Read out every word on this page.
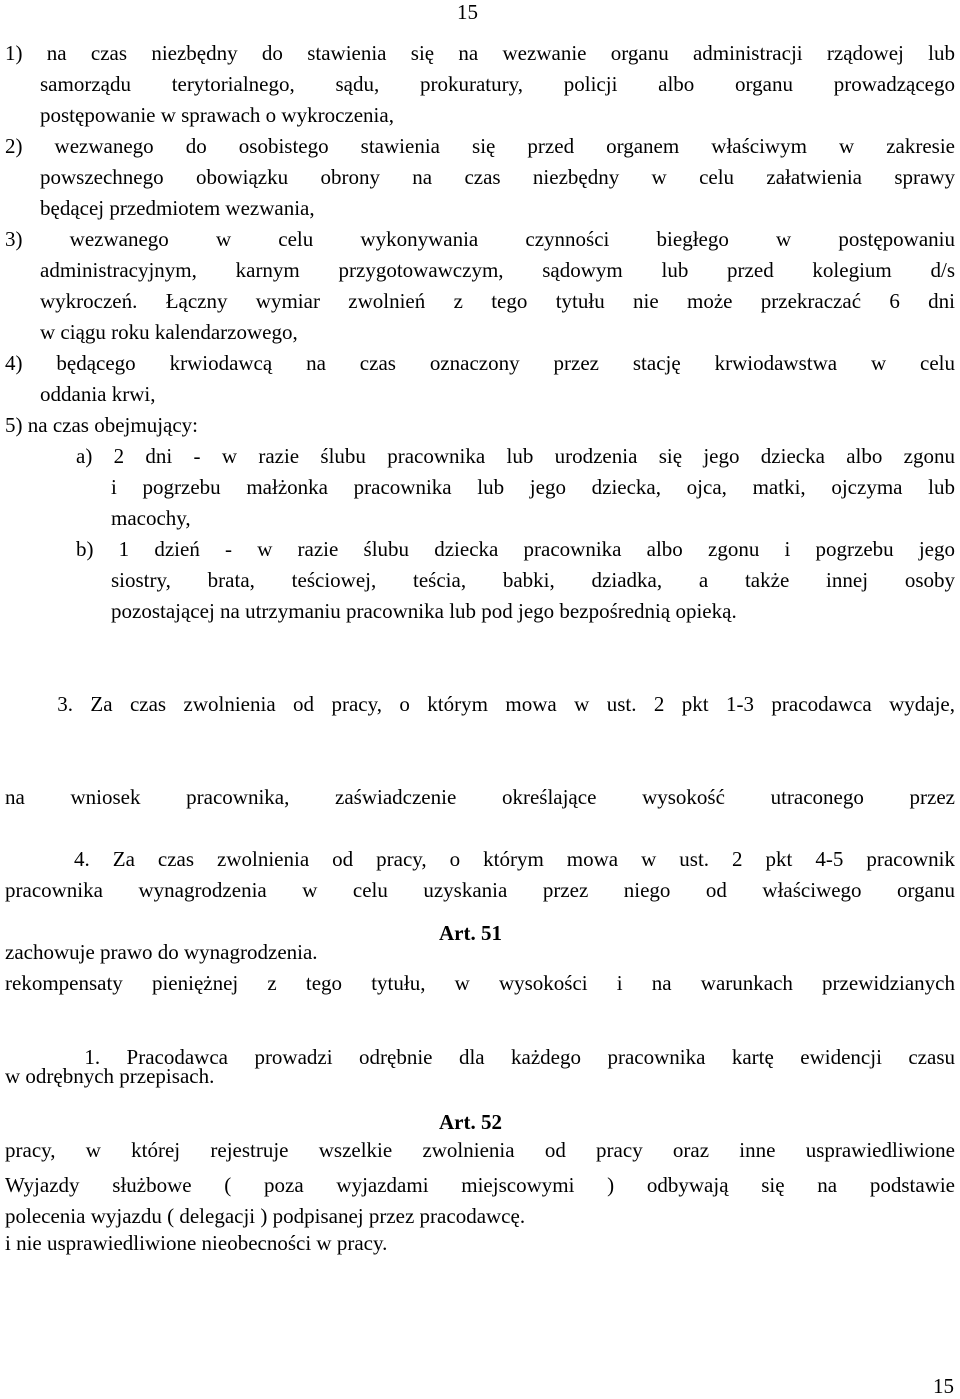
15
1) na czas niezbędny do stawienia się na wezwanie organu administracji rządowej lub
samorządu terytorialnego, sądu, prokuratury, policji albo organu prowadzącego
postępowanie w sprawach o wykroczenia,
2) wezwanego do osobistego stawienia się przed organem właściwym w zakresie
powszechnego obowiązku obrony na czas niezbędny w celu załatwienia sprawy
będącej przedmiotem wezwania,
3) wezwanego w celu wykonywania czynności biegłego w postępowaniu
administracyjnym, karnym przygotowawczym, sądowym lub przed kolegium d/s
wykroczeń. Łączny wymiar zwolnień z tego tytułu nie może przekraczać 6 dni
w ciągu roku kalendarzowego,
4) będącego krwiodawcą na czas oznaczony przez stację krwiodawstwa w celu
oddania krwi,
5) na czas obejmujący:
a) 2 dni - w razie ślubu pracownika lub urodzenia się jego dziecka albo zgonu
i pogrzebu małżonka pracownika lub jego dziecka, ojca, matki, ojczyma lub
macochy,
b) 1 dzień - w razie ślubu dziecka pracownika albo zgonu i pogrzebu jego
siostry, brata, teściowej, teścia, babki, dziadka, a także innej osoby
pozostającej na utrzymaniu pracownika lub pod jego bezpośrednią opieką.

3. Za czas zwolnienia od pracy, o którym mowa w ust. 2 pkt 1-3 pracodawca wydaje,

na wniosek pracownika, zaświadczenie określające wysokość utraconego przez

pracownika wynagrodzenia w celu uzyskania przez niego od właściwego organu

rekompensaty pieniężnej z tego tytułu, w wysokości i na warunkach przewidzianych

w odrębnych przepisach.

4. Za czas zwolnienia od pracy, o którym mowa w ust. 2 pkt 4-5 pracownik

zachowuje prawo do wynagrodzenia.

Art. 51

1. Pracodawca prowadzi odrębnie dla każdego pracownika kartę ewidencji czasu

pracy, w której rejestruje wszelkie zwolnienia od pracy oraz inne usprawiedliwione

i nie usprawiedliwione nieobecności w pracy.

Art. 52
Wyjazdy służbowe ( poza wyjazdami miejscowymi ) odbywają się na podstawie
polecenia wyjazdu ( delegacji ) podpisanej przez pracodawcę.
15
